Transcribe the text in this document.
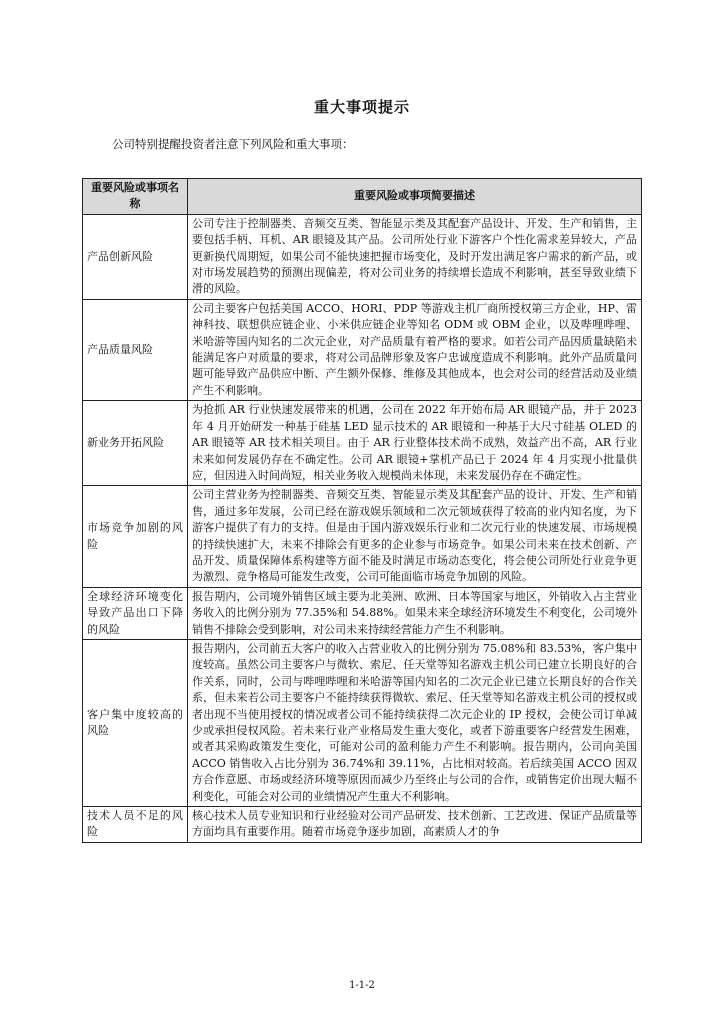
重大事项提示
公司特别提醒投资者注意下列风险和重大事项：
重要风险或事项名称	重要风险或事项简要描述
产品创新风险	公司专注于控制器类、音频交互类、智能显示类及其配套产品设计、开发、生产和销售，主要包括手柄、耳机、AR 眼镜及其产品。公司所处行业下游客户个性化需求差异较大，产品更新换代周期短，如果公司不能快速把握市场变化，及时开发出满足客户需求的新产品，或对市场发展趋势的预测出现偏差，将对公司业务的持续增长造成不利影响，甚至导致业绩下滑的风险。
产品质量风险	公司主要客户包括美国 ACCO、HORI、PDP 等游戏主机厂商所授权第三方企业，HP、雷神科技、联想供应链企业、小米供应链企业等知名 ODM 或 OBM 企业，以及哔哩哔哩、米哈游等国内知名的二次元企业，对产品质量有着严格的要求。如若公司产品因质量缺陷未能满足客户对质量的要求，将对公司品牌形象及客户忠诚度造成不利影响。此外产品质量问题可能导致产品供应中断、产生额外保修、维修及其他成本，也会对公司的经营活动及业绩产生不利影响。
新业务开拓风险	为抢抓 AR 行业快速发展带来的机遇，公司在 2022 年开始布局 AR 眼镜产品，并于 2023 年 4 月开始研发一种基于硅基 LED 显示技术的 AR 眼镜和一种基于大尺寸硅基 OLED 的 AR 眼镜等 AR 技术相关项目。由于 AR 行业整体技术尚不成熟，效益产出不高，AR 行业未来如何发展仍存在不确定性。公司 AR 眼镜+掌机产品已于 2024 年 4 月实现小批量供应，但因进入时间尚短，相关业务收入规模尚未体现，未来发展仍存在不确定性。
市场竞争加剧的风险	公司主营业务为控制器类、音频交互类、智能显示类及其配套产品的设计、开发、生产和销售，通过多年发展，公司已经在游戏娱乐领域和二次元领域获得了较高的业内知名度，为下游客户提供了有力的支持。但是由于国内游戏娱乐行业和二次元行业的快速发展、市场规模的持续快速扩大，未来不排除会有更多的企业参与市场竞争。如果公司未来在技术创新、产品开发、质量保障体系构建等方面不能及时满足市场动态变化，将会使公司所处行业竞争更为激烈、竞争格局可能发生改变，公司可能面临市场竞争加剧的风险。
全球经济环境变化导致产品出口下降的风险	报告期内，公司境外销售区域主要为北美洲、欧洲、日本等国家与地区，外销收入占主营业务收入的比例分别为 77.35%和 54.88%。如果未来全球经济环境发生不利变化，公司境外销售不排除会受到影响，对公司未来持续经营能力产生不利影响。
客户集中度较高的风险	报告期内，公司前五大客户的收入占营业收入的比例分别为 75.08%和 83.53%，客户集中度较高。虽然公司主要客户与微软、索尼、任天堂等知名游戏主机公司已建立长期良好的合作关系，同时，公司与哔哩哔哩和米哈游等国内知名的二次元企业已建立长期良好的合作关系，但未来若公司主要客户不能持续获得微软、索尼、任天堂等知名游戏主机公司的授权或者出现不当使用授权的情况或者公司不能持续获得二次元企业的 IP 授权，会使公司订单减少或承担侵权风险。若未来行业产业格局发生重大变化，或者下游重要客户经营发生困难，或者其采购政策发生变化，可能对公司的盈利能力产生不利影响。报告期内，公司向美国 ACCO 销售收入占比分别为 36.74%和 39.11%，占比相对较高。若后续美国 ACCO 因双方合作意愿、市场或经济环境等原因而减少乃至终止与公司的合作，或销售定价出现大幅不利变化，可能会对公司的业绩情况产生重大不利影响。
技术人员不足的风险	核心技术人员专业知识和行业经验对公司产品研发、技术创新、工艺改进、保证产品质量等方面均具有重要作用。随着市场竞争逐步加剧，高素质人才的争
1-1-2
